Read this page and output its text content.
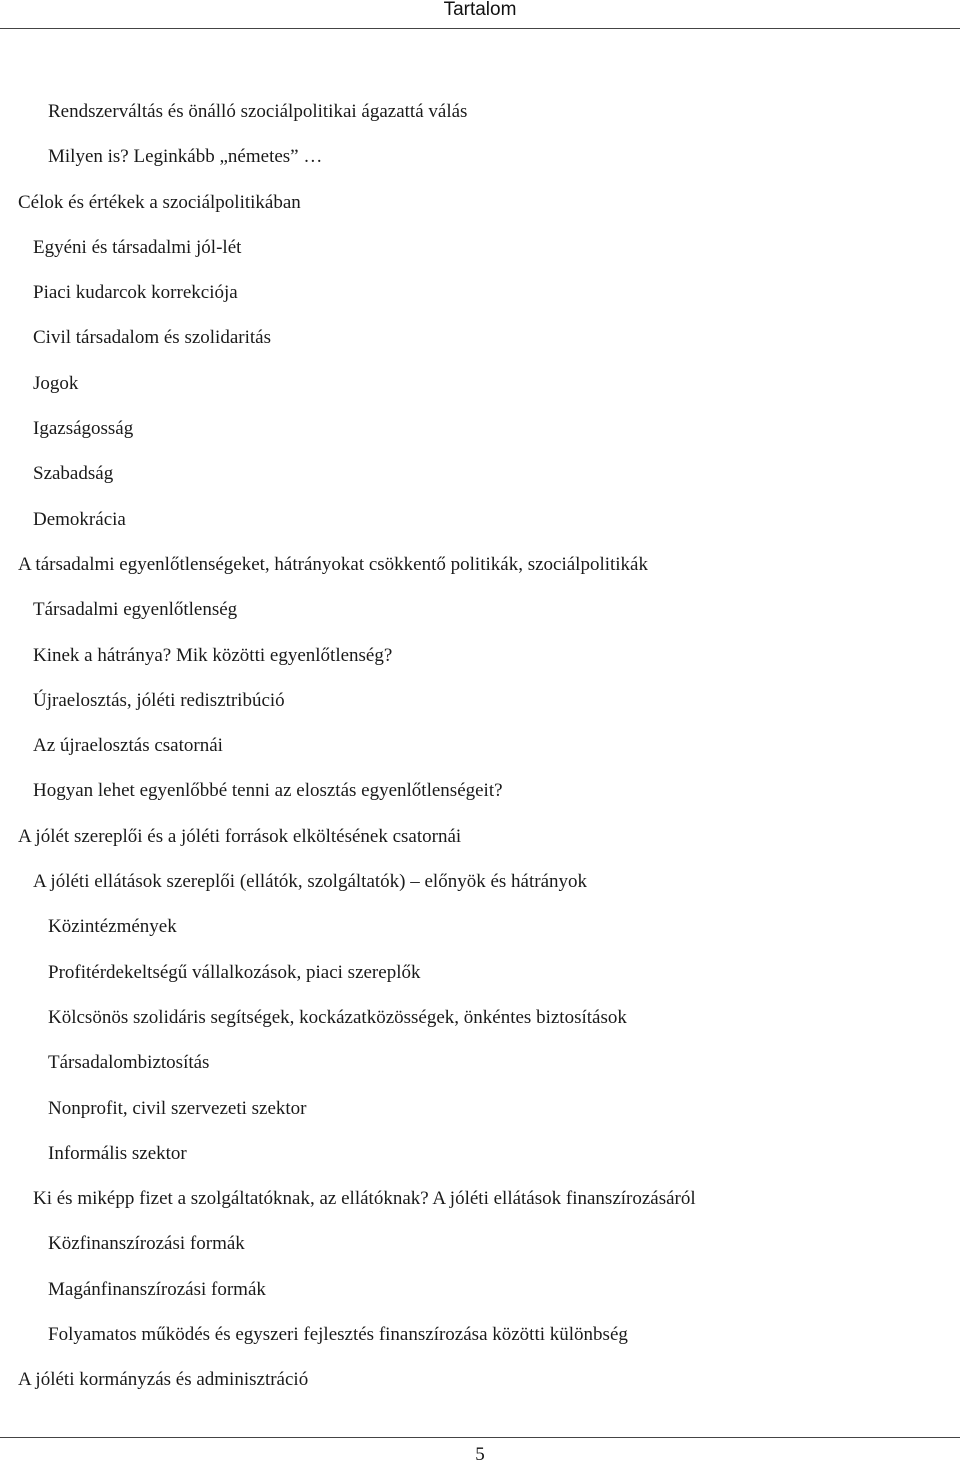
Tartalom
Rendszerváltás és önálló szociálpolitikai ágazattá válás
Milyen is? Leginkább „németes” …
Célok és értékek a szociálpolitikában
Egyéni és társadalmi jól-lét
Piaci kudarcok korrekciója
Civil társadalom és szolidaritás
Jogok
Igazságosság
Szabadság
Demokrácia
A társadalmi egyenlőtlenségeket, hátrányokat csökkentő politikák, szociálpolitikák
Társadalmi egyenlőtlenség
Kinek a hátránya? Mik közötti egyenlőtlenség?
Újraelosztás, jóléti redisztribúció
Az újraelosztás csatornái
Hogyan lehet egyenlőbbé tenni az elosztás egyenlőtlenségeit?
A jólét szereplői és a jóléti források elköltésének csatornái
A jóléti ellátások szereplői (ellátók, szolgáltatók) – előnyök és hátrányok
Közintézmények
Profitérdekeltségű vállalkozások, piaci szereplők
Kölcsönös szolidáris segítségek, kockázatközösségek, önkéntes biztosítások
Társadalombiztosítás
Nonprofit, civil szervezeti szektor
Informális szektor
Ki és miképp fizet a szolgáltatóknak, az ellátóknak? A jóléti ellátások finanszírozásáról
Közfinanszírozási formák
Magánfinanszírozási formák
Folyamatos működés és egyszeri fejlesztés finanszírozása közötti különbség
A jóléti kormányzás és adminisztráció
5
